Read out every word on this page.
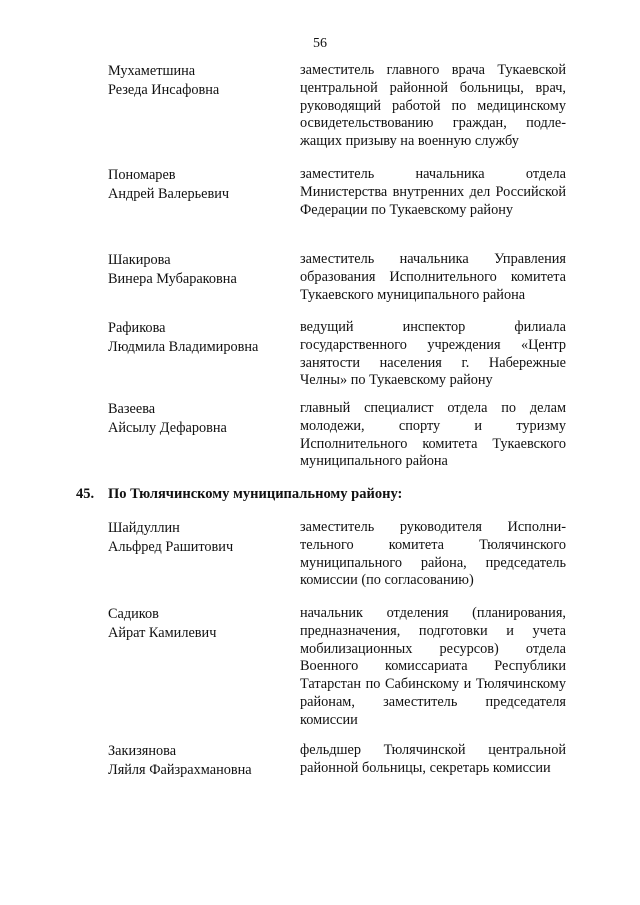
56
Мухаметшина
Резеда Инсафовна
заместитель главного врача Тукаевской центральной районной больницы, врач, руководящий работой по медицинскому освидетельствованию граждан, подле-жащих призыву на военную службу
Пономарев
Андрей Валерьевич
заместитель начальника отдела Министерства внутренних дел Российской Федерации по Тукаевскому району
Шакирова
Винера Мубараковна
заместитель начальника Управления образования Исполнительного комитета Тукаевского муниципального района
Рафикова
Людмила Владимировна
ведущий инспектор филиала государственного учреждения «Центр занятости населения г. Набережные Челны» по Тукаевскому району
Вазеева
Айсылу Дефаровна
главный специалист отдела по делам молодежи, спорту и туризму Исполнительного комитета Тукаевского муниципального района
45. По Тюлячинскому муниципальному району:
Шайдуллин
Альфред Рашитович
заместитель руководителя Исполни-тельного комитета Тюлячинского муниципального района, председатель комиссии (по согласованию)
Садиков
Айрат Камилевич
начальник отделения (планирования, предназначения, подготовки и учета мобилизационных ресурсов) отдела Военного комиссариата Республики Татарстан по Сабинскому и Тюлячинскому районам, заместитель председателя комиссии
Закизянова
Ляйля Файзрахмановна
фельдшер Тюлячинской центральной районной больницы, секретарь комиссии
